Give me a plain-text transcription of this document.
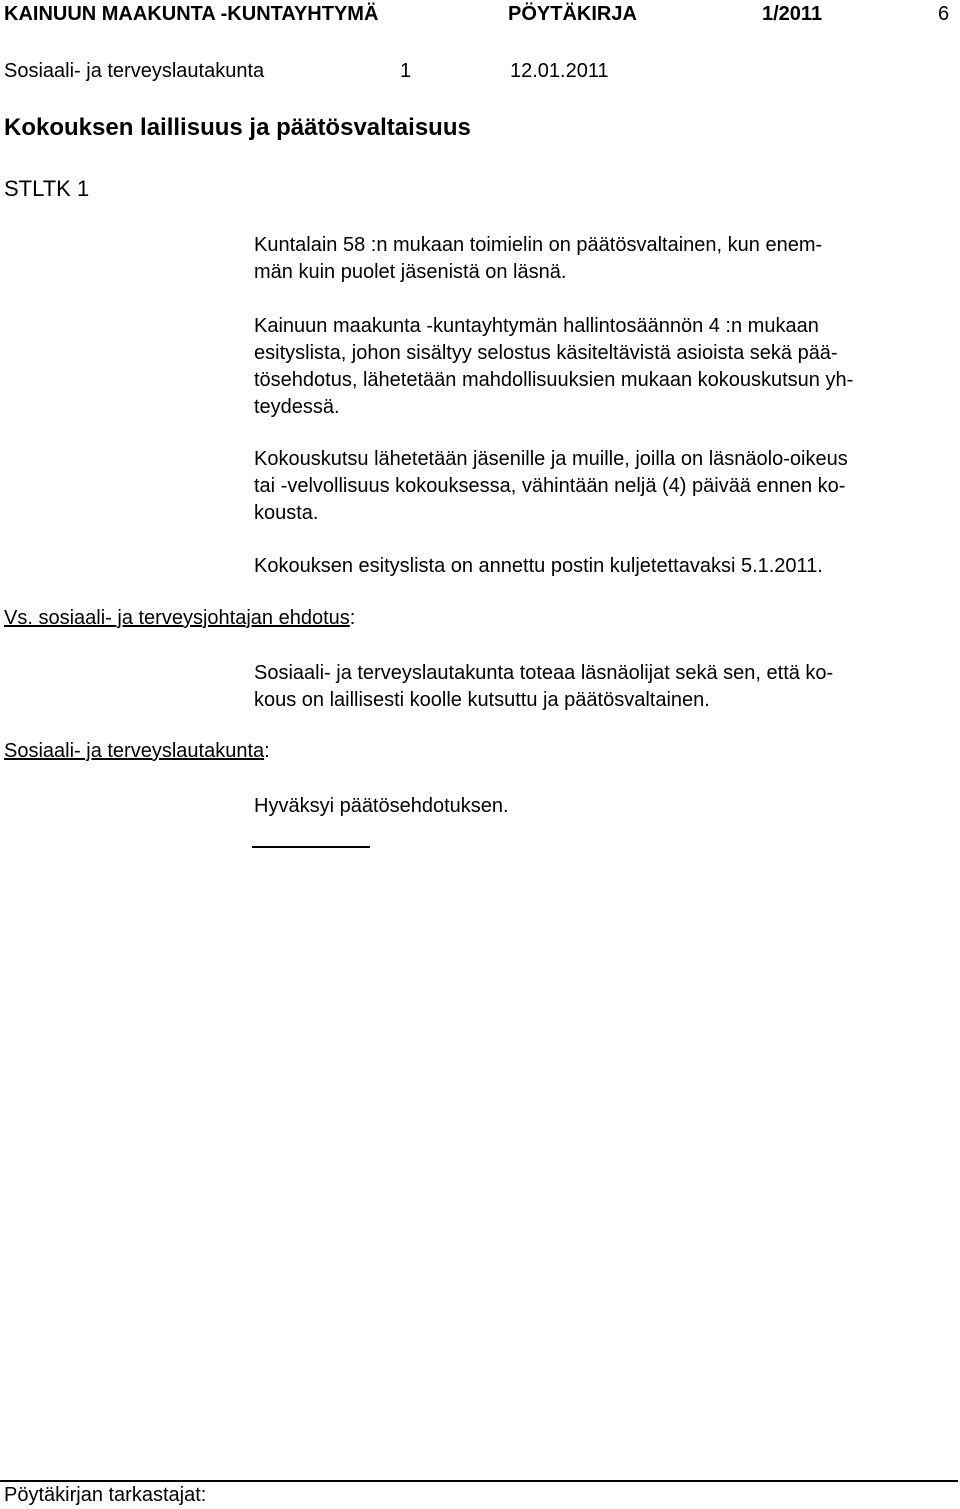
KAINUUN MAAKUNTA -KUNTAYHTYMÄ	PÖYTÄKIRJA	1/2011	6
Sosiaali- ja terveyslautakunta	1	12.01.2011
Kokouksen laillisuus ja päätösvaltaisuus
STLTK 1

Kuntalain 58 :n mukaan toimielin on päätösvaltainen, kun enem-
män kuin puolet jäsenistä on läsnä.

Kainuun maakunta -kuntayhtymän hallintosäännön 4 :n mukaan
esityslista, johon sisältyy selostus käsiteltävistä asioista sekä pää-
tösehdotus, lähetetään mahdollisuuksien mukaan kokouskutsun yh-
teydessä.

Kokouskutsu lähetetään jäsenille ja muille, joilla on läsnäolo-oikeus
tai -velvollisuus kokouksessa, vähintään neljä (4) päivää ennen ko-
kousta.

Kokouksen esityslista on annettu postin kuljetettavaksi 5.1.2011.

Vs. sosiaali- ja terveysjohtajan ehdotus:

Sosiaali- ja terveyslautakunta toteaa läsnäolijat sekä sen, että ko-
kous on laillisesti koolle kutsuttu ja päätösvaltainen.

Sosiaali- ja terveyslautakunta:

Hyväksyi päätösehdotuksen.

Pöytäkirjan tarkastajat:
